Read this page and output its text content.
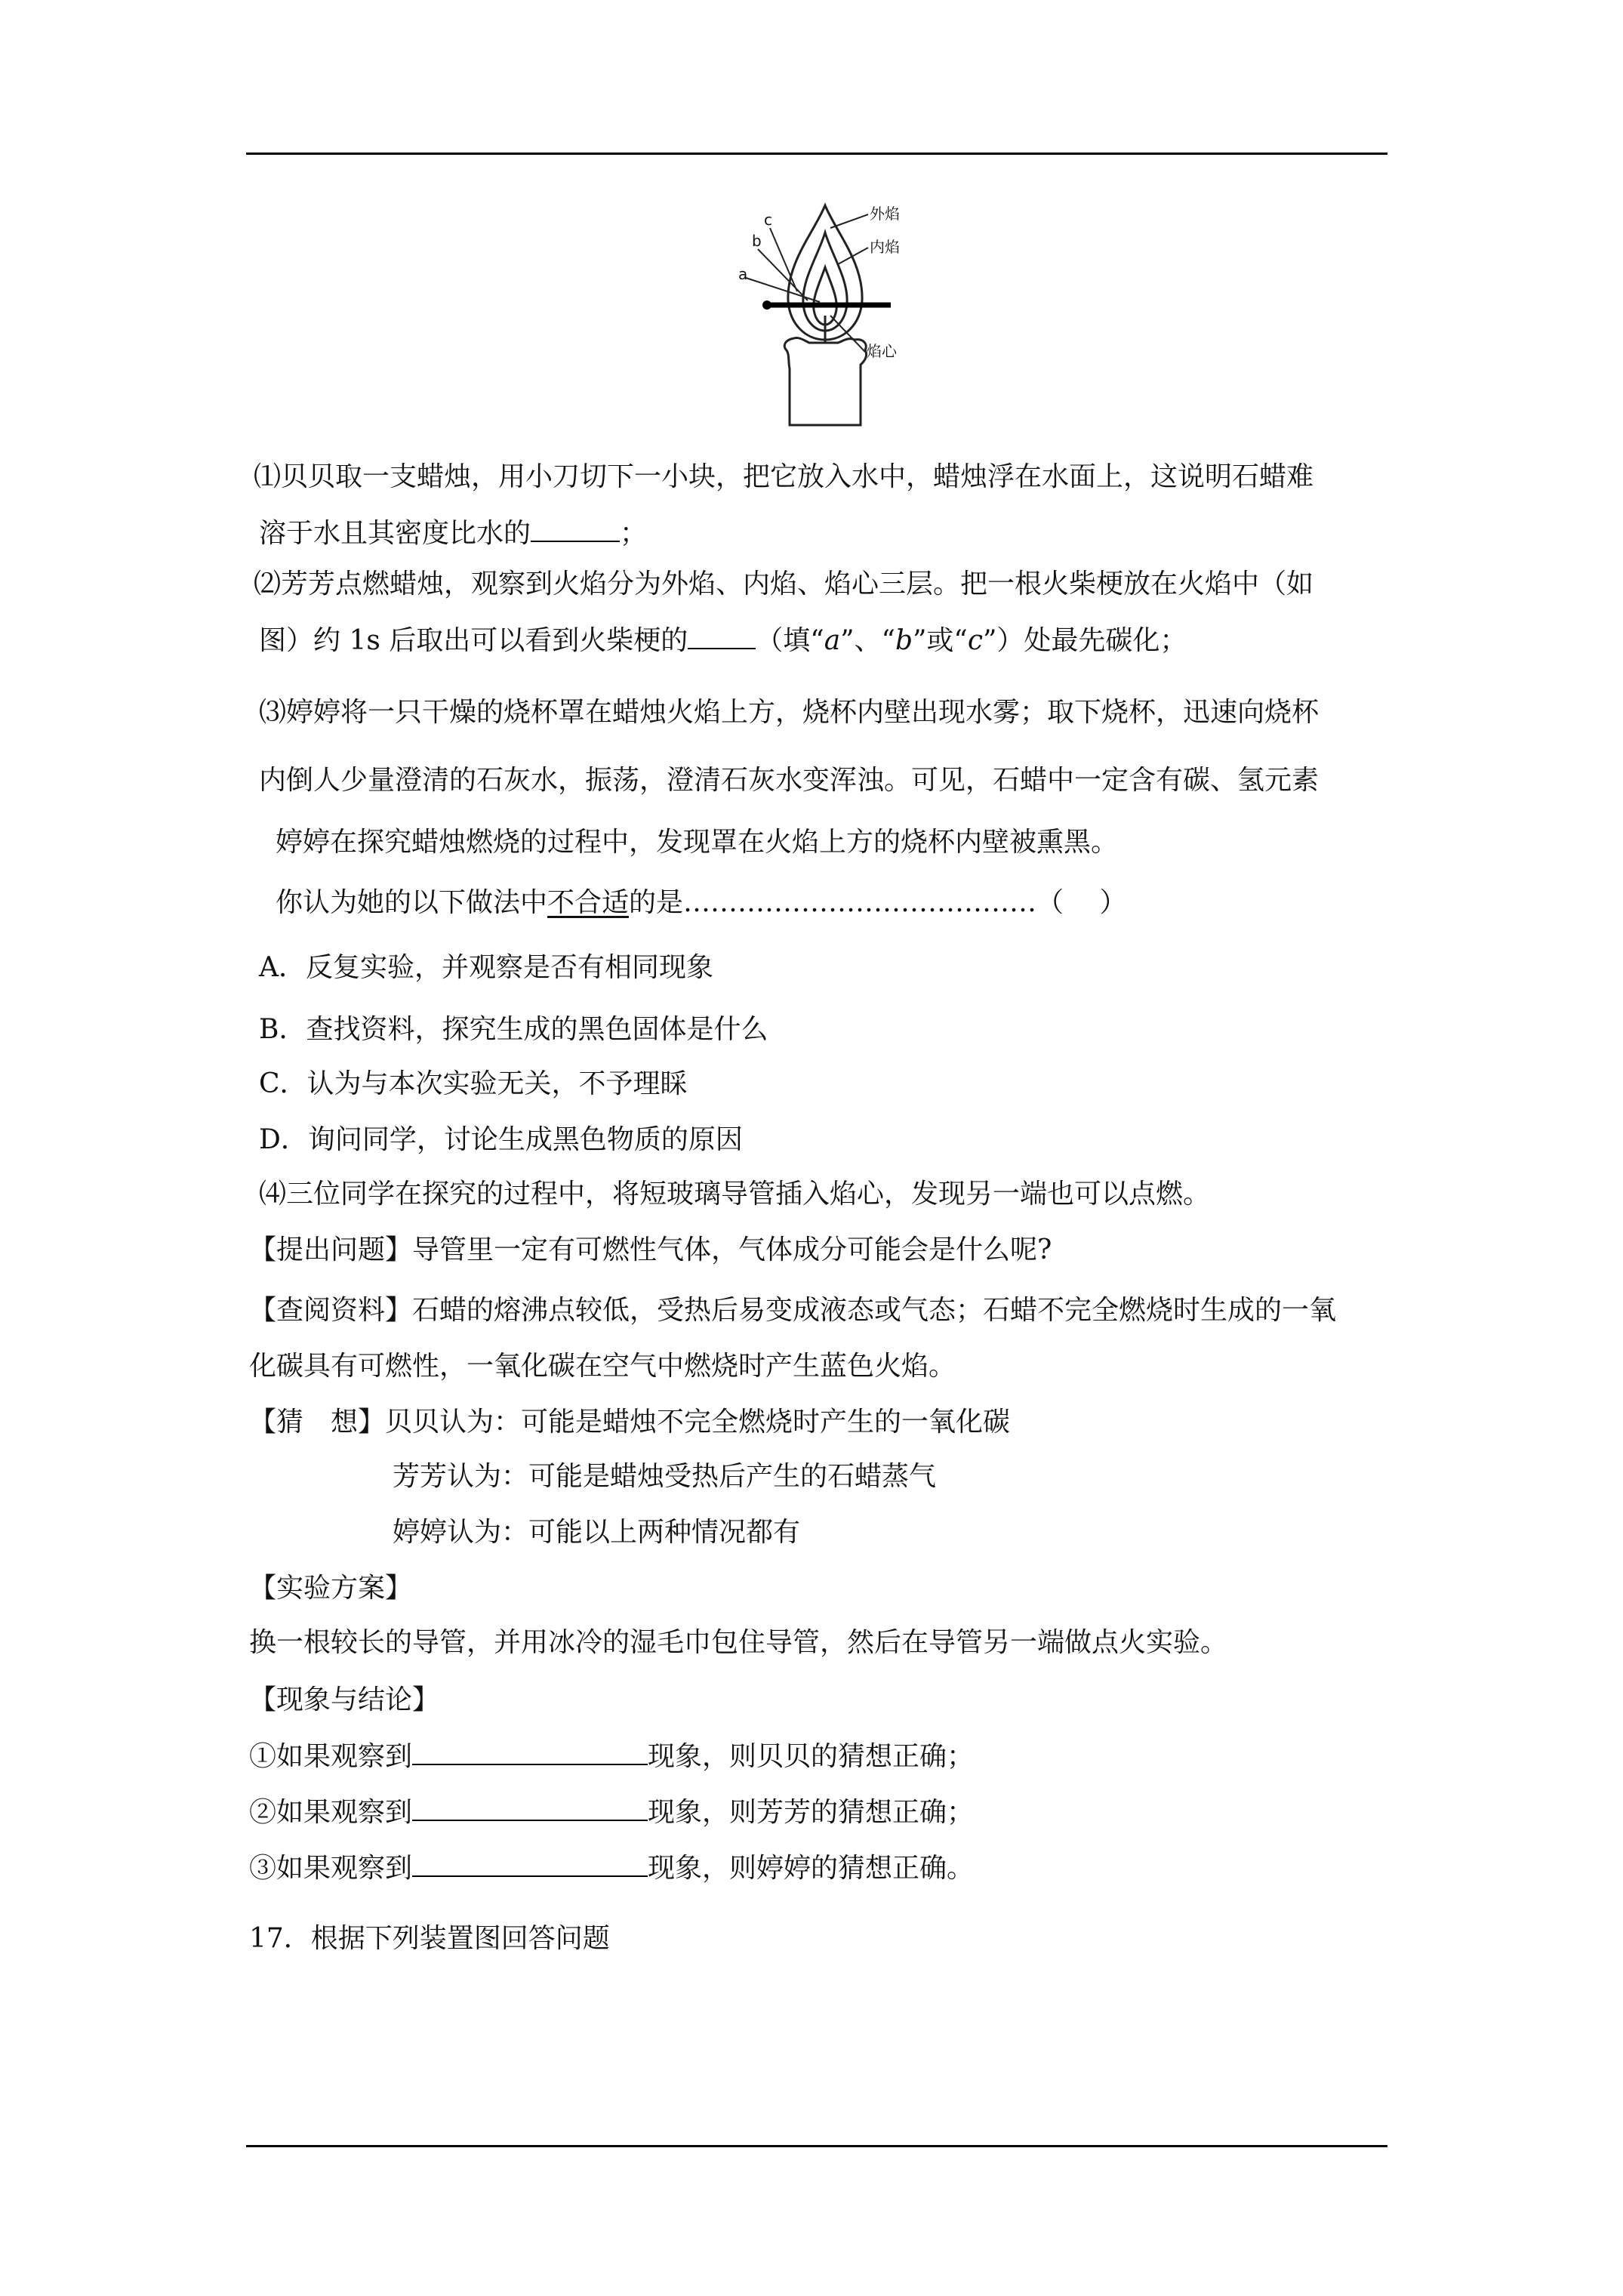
外焰
内焰
焰心
c
b
a
⑴贝贝取一支蜡烛，用小刀切下一小块，把它放入水中，蜡烛浮在水面上，这说明石蜡难
溶于水且其密度比水的	；
⑵芳芳点燃蜡烛，观察到火焰分为外焰、内焰、焰心三层。把一根火柴梗放在火焰中（如
图）约 1s 后取出可以看到火柴梗的	（填“a”、“b”或“c”）处最先碳化；
⑶婷婷将一只干燥的烧杯罩在蜡烛火焰上方，烧杯内壁出现水雾；取下烧杯，迅速向烧杯
内倒人少量澄清的石灰水，振荡，澄清石灰水变浑浊。可见，石蜡中一定含有碳、氢元素
婷婷在探究蜡烛燃烧的过程中，发现罩在火焰上方的烧杯内壁被熏黑。
你认为她的以下做法中不合适的是…………………………………（　 ）
A．反复实验，并观察是否有相同现象
B．查找资料，探究生成的黑色固体是什么
C．认为与本次实验无关，不予理睬
D．询问同学，讨论生成黑色物质的原因
⑷三位同学在探究的过程中，将短玻璃导管插入焰心，发现另一端也可以点燃。
【提出问题】导管里一定有可燃性气体，气体成分可能会是什么呢?
【查阅资料】石蜡的熔沸点较低，受热后易变成液态或气态；石蜡不完全燃烧时生成的一氧
化碳具有可燃性，一氧化碳在空气中燃烧时产生蓝色火焰。
【猜　想】贝贝认为：可能是蜡烛不完全燃烧时产生的一氧化碳
芳芳认为：可能是蜡烛受热后产生的石蜡蒸气
婷婷认为：可能以上两种情况都有
【实验方案】
换一根较长的导管，并用冰冷的湿毛巾包住导管，然后在导管另一端做点火实验。
【现象与结论】
①如果观察到	现象，则贝贝的猜想正确；
②如果观察到	现象，则芳芳的猜想正确；
③如果观察到	现象，则婷婷的猜想正确。
17．根据下列装置图回答问题
